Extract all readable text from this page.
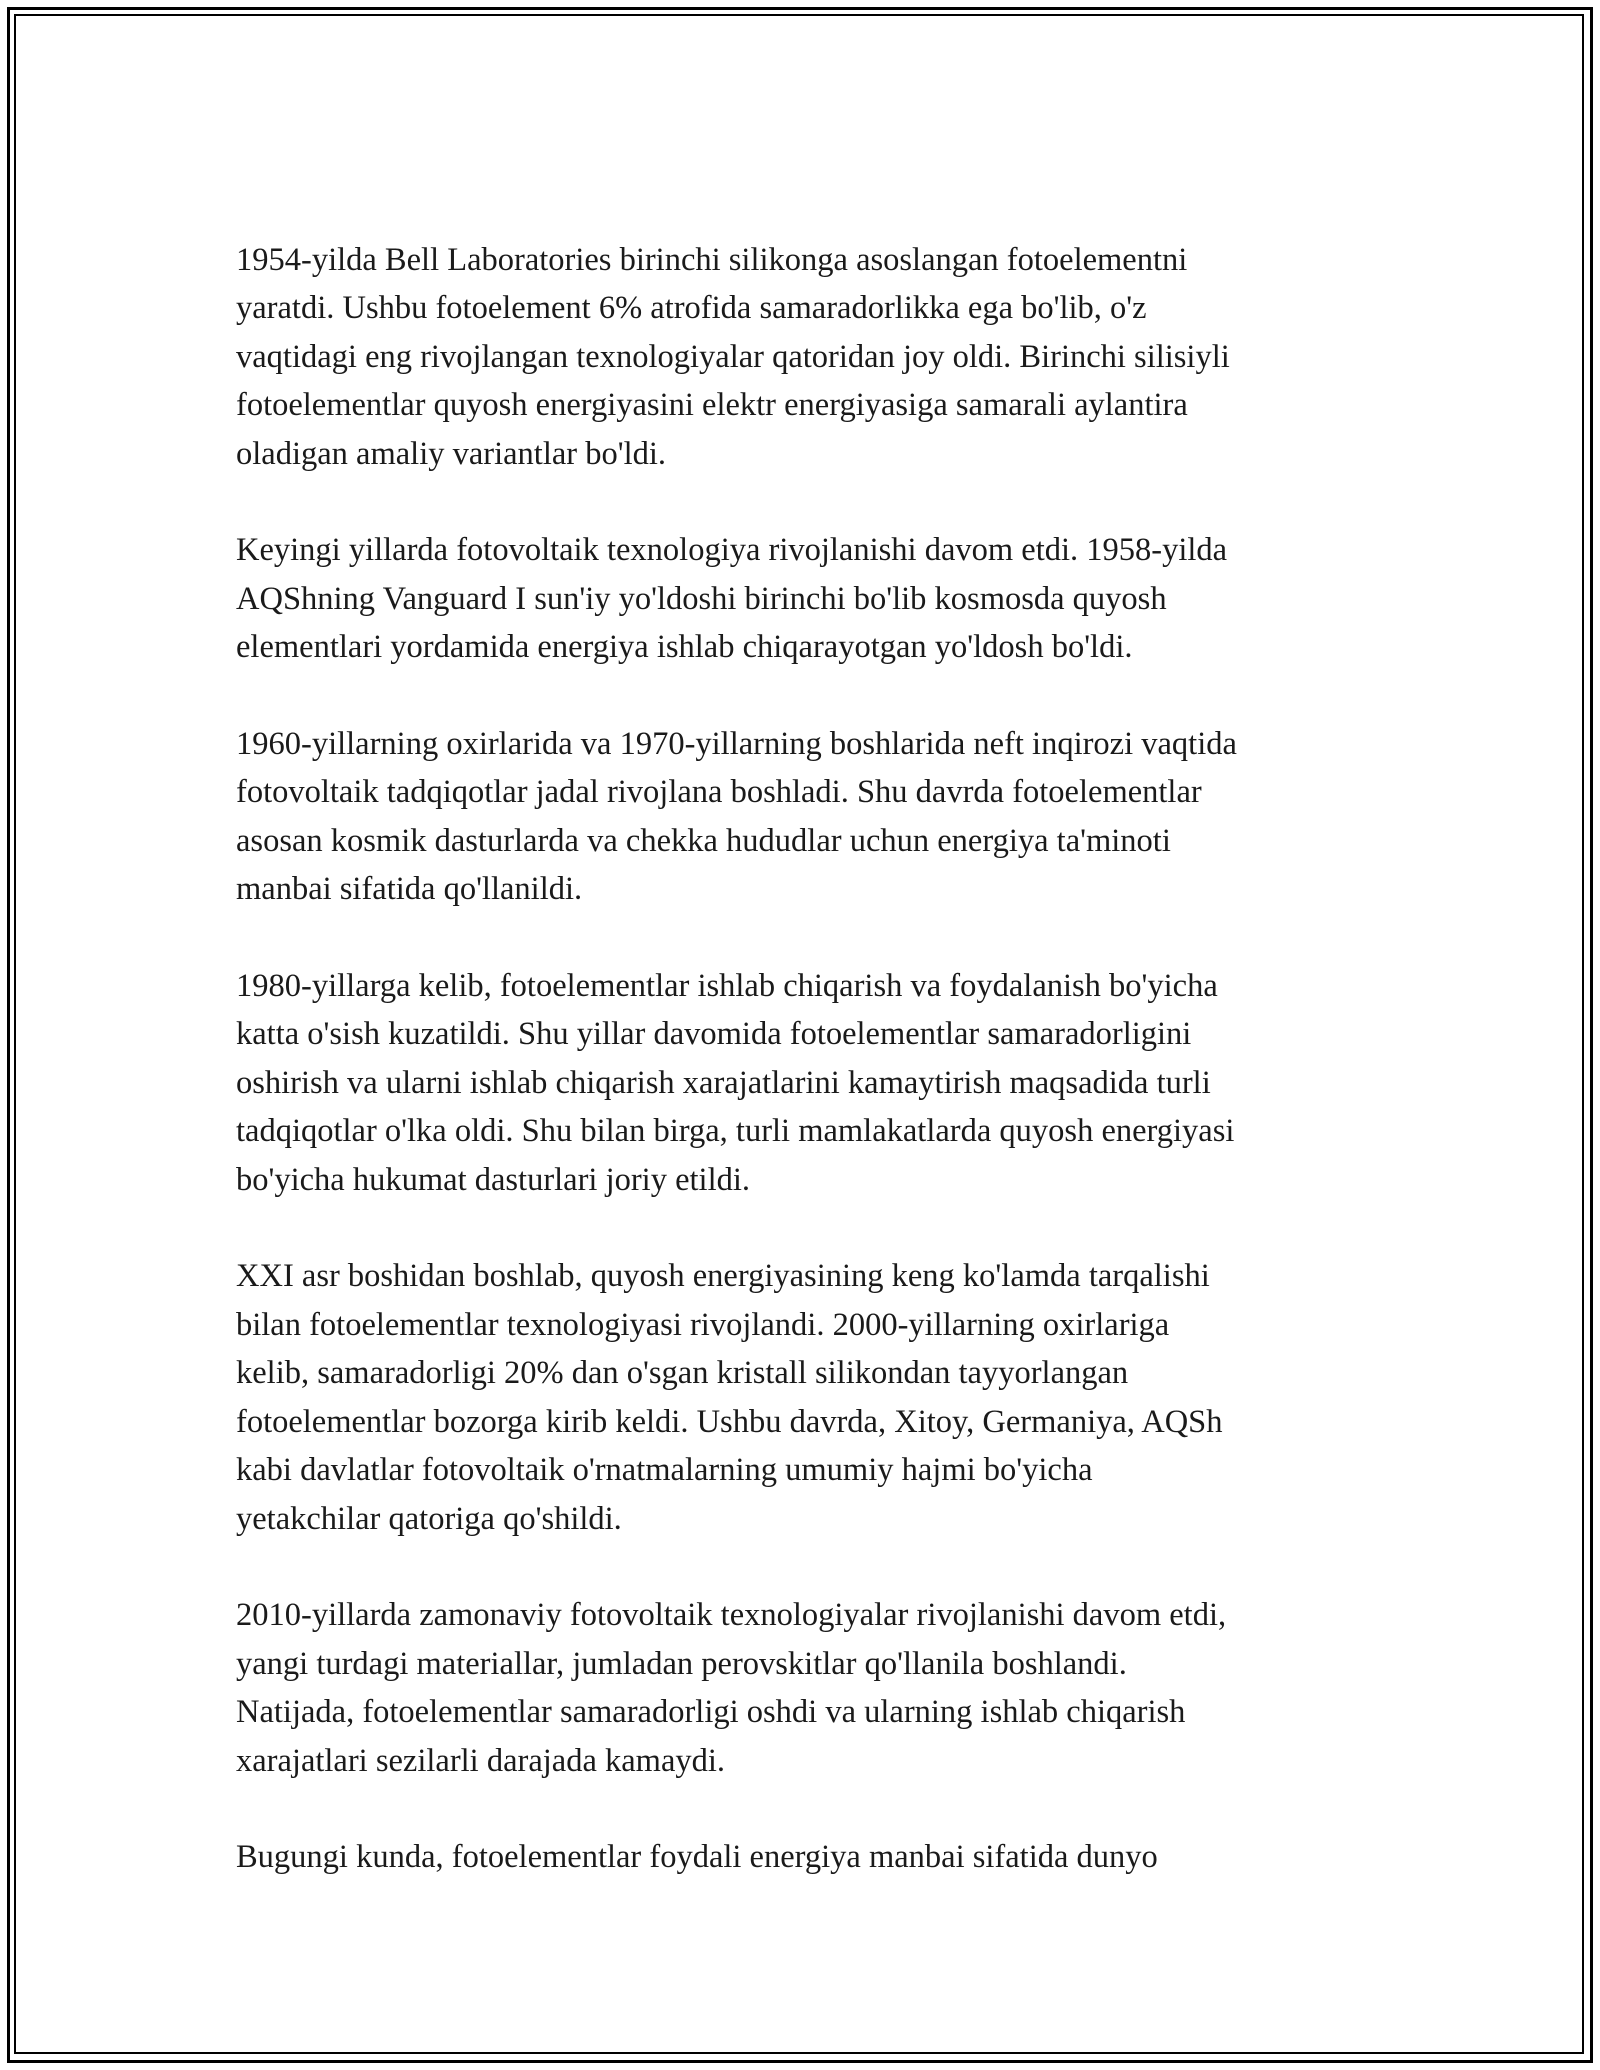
1954-yilda Bell Laboratories birinchi silikonga asoslangan fotoelementni
yaratdi. Ushbu fotoelement 6% atrofida samaradorlikka ega bo'lib, o'z
vaqtidagi eng rivojlangan texnologiyalar qatoridan joy oldi. Birinchi silisiyli
fotoelementlar quyosh energiyasini elektr energiyasiga samarali aylantira
oladigan amaliy variantlar bo'ldi.

Keyingi yillarda fotovoltaik texnologiya rivojlanishi davom etdi. 1958-yilda
AQShning Vanguard I sun'iy yo'ldoshi birinchi bo'lib kosmosda quyosh
elementlari yordamida energiya ishlab chiqarayotgan yo'ldosh bo'ldi.

1960-yillarning oxirlarida va 1970-yillarning boshlarida neft inqirozi vaqtida
fotovoltaik tadqiqotlar jadal rivojlana boshladi. Shu davrda fotoelementlar
asosan kosmik dasturlarda va chekka hududlar uchun energiya ta'minoti
manbai sifatida qo'llanildi.

1980-yillarga kelib, fotoelementlar ishlab chiqarish va foydalanish bo'yicha
katta o'sish kuzatildi. Shu yillar davomida fotoelementlar samaradorligini
oshirish va ularni ishlab chiqarish xarajatlarini kamaytirish maqsadida turli
tadqiqotlar o'lka oldi. Shu bilan birga, turli mamlakatlarda quyosh energiyasi
bo'yicha hukumat dasturlari joriy etildi.

XXI asr boshidan boshlab, quyosh energiyasining keng ko'lamda tarqalishi
bilan fotoelementlar texnologiyasi rivojlandi. 2000-yillarning oxirlariga
kelib, samaradorligi 20% dan o'sgan kristall silikondan tayyorlangan
fotoelementlar bozorga kirib keldi. Ushbu davrda, Xitoy, Germaniya, AQSh
kabi davlatlar fotovoltaik o'rnatmalarning umumiy hajmi bo'yicha
yetakchilar qatoriga qo'shildi.

2010-yillarda zamonaviy fotovoltaik texnologiyalar rivojlanishi davom etdi,
yangi turdagi materiallar, jumladan perovskitlar qo'llanila boshlandi.
Natijada, fotoelementlar samaradorligi oshdi va ularning ishlab chiqarish
xarajatlari sezilarli darajada kamaydi.

Bugungi kunda, fotoelementlar foydali energiya manbai sifatida dunyo
